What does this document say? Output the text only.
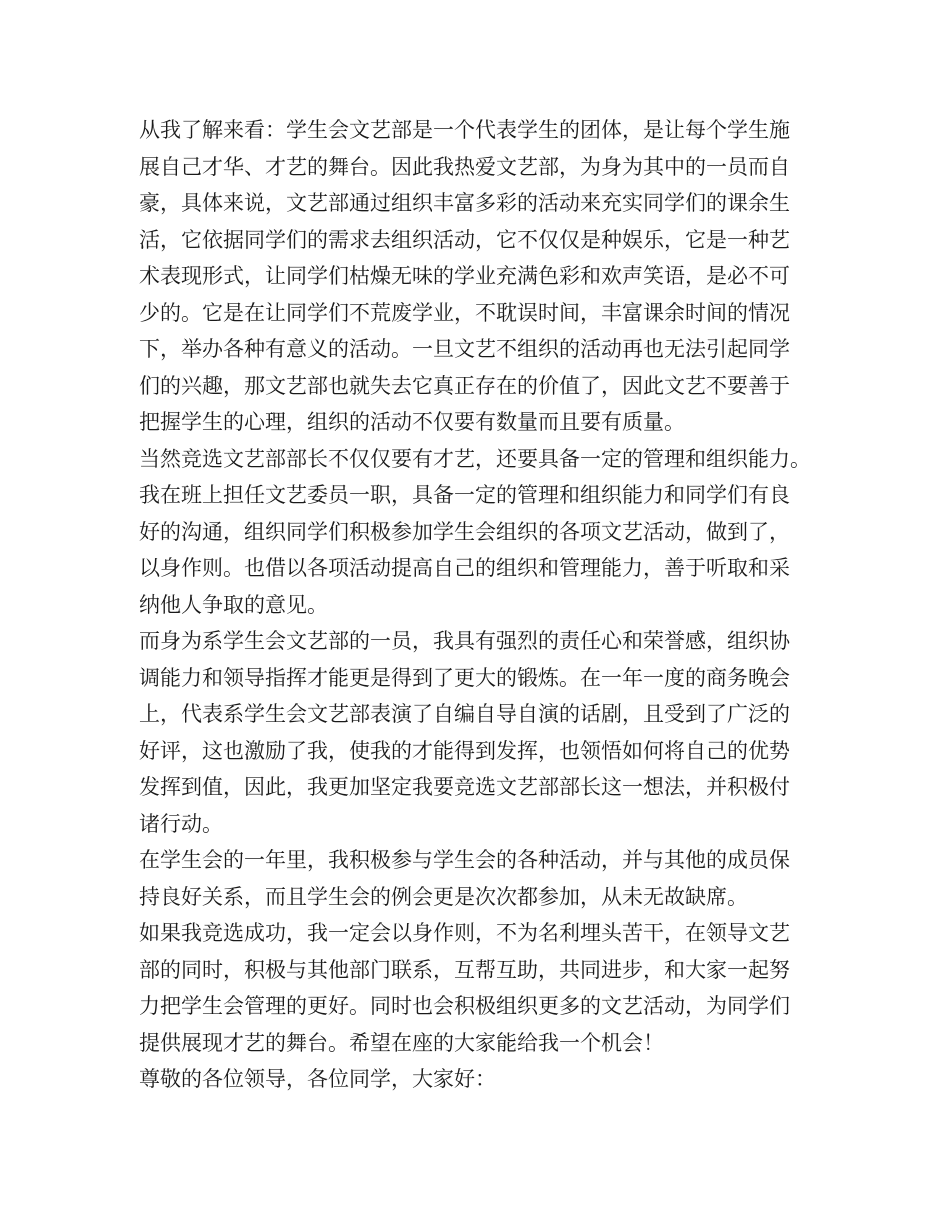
从我了解来看：学生会文艺部是一个代表学生的团体，是让每个学生施
展自己才华、才艺的舞台。因此我热爱文艺部，为身为其中的一员而自
豪，具体来说，文艺部通过组织丰富多彩的活动来充实同学们的课余生
活，它依据同学们的需求去组织活动，它不仅仅是种娱乐，它是一种艺
术表现形式，让同学们枯燥无味的学业充满色彩和欢声笑语，是必不可
少的。它是在让同学们不荒废学业，不耽误时间，丰富课余时间的情况
下，举办各种有意义的活动。一旦文艺不组织的活动再也无法引起同学
们的兴趣，那文艺部也就失去它真正存在的价值了，因此文艺不要善于
把握学生的心理，组织的活动不仅要有数量而且要有质量。

当然竞选文艺部部长不仅仅要有才艺，还要具备一定的管理和组织能力。
我在班上担任文艺委员一职，具备一定的管理和组织能力和同学们有良
好的沟通，组织同学们积极参加学生会组织的各项文艺活动，做到了，
以身作则。也借以各项活动提高自己的组织和管理能力，善于听取和采
纳他人争取的意见。

而身为系学生会文艺部的一员，我具有强烈的责任心和荣誉感，组织协
调能力和领导指挥才能更是得到了更大的锻炼。在一年一度的商务晚会
上，代表系学生会文艺部表演了自编自导自演的话剧，且受到了广泛的
好评，这也激励了我，使我的才能得到发挥，也领悟如何将自己的优势
发挥到值，因此，我更加坚定我要竞选文艺部部长这一想法，并积极付
诸行动。

在学生会的一年里，我积极参与学生会的各种活动，并与其他的成员保
持良好关系，而且学生会的例会更是次次都参加，从未无故缺席。

如果我竞选成功，我一定会以身作则，不为名利埋头苦干，在领导文艺
部的同时，积极与其他部门联系，互帮互助，共同进步，和大家一起努
力把学生会管理的更好。同时也会积极组织更多的文艺活动，为同学们
提供展现才艺的舞台。希望在座的大家能给我一个机会！

尊敬的各位领导，各位同学，大家好：
